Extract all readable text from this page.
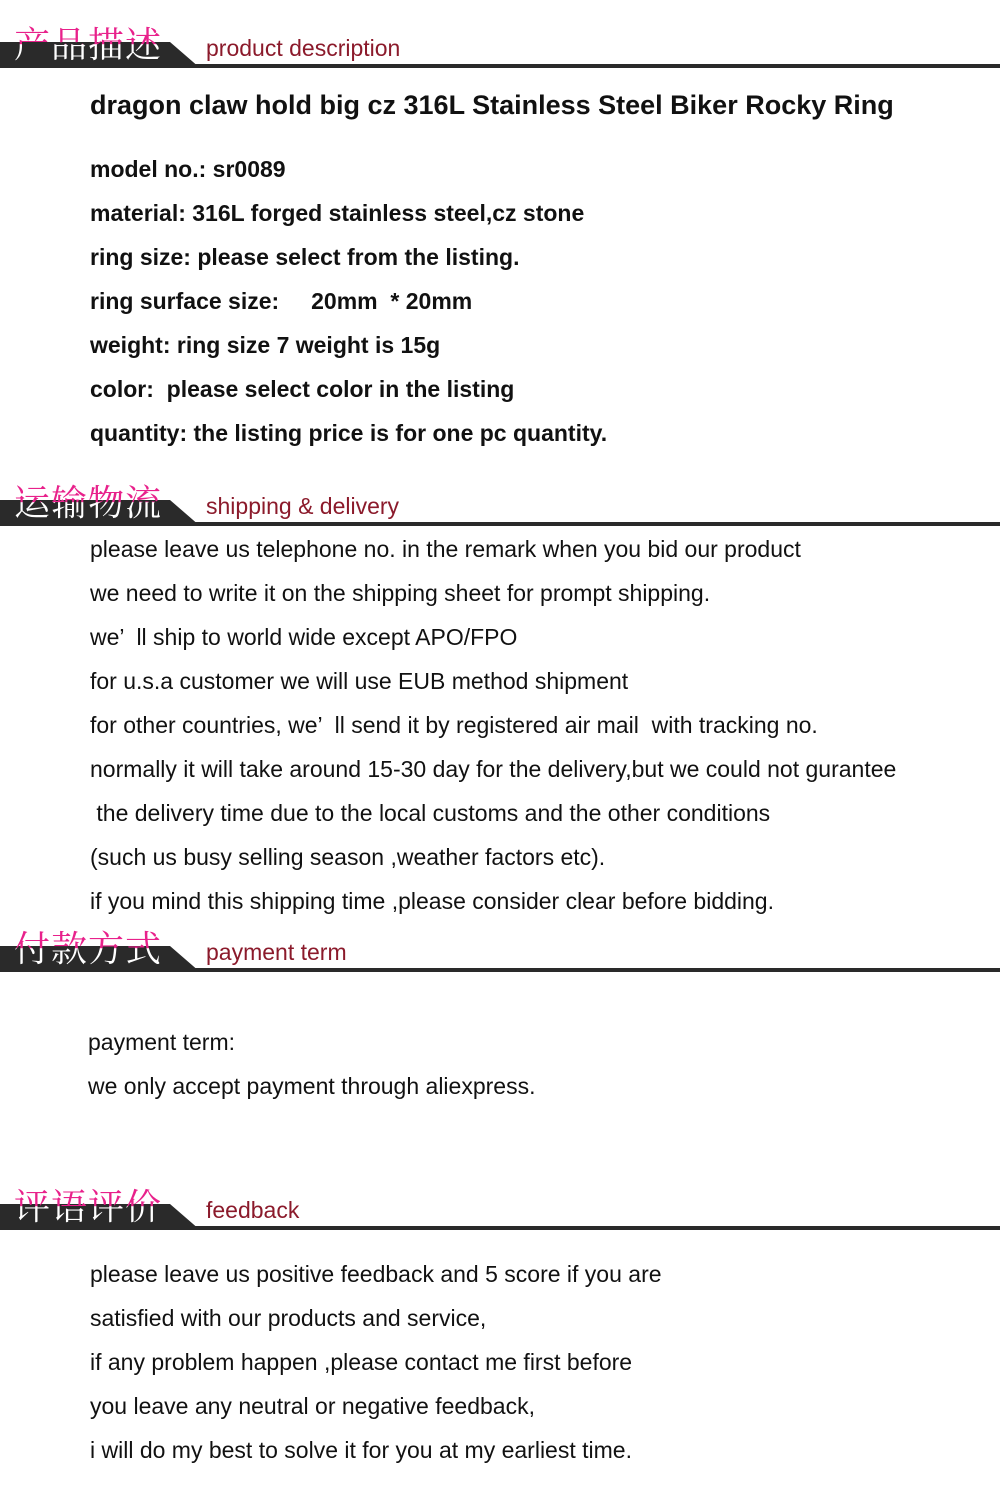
产品描述 product description
dragon claw hold big cz 316L Stainless Steel Biker Rocky Ring
model no.: sr0089
material: 316L forged stainless steel,cz stone
ring size: please select from the listing.
ring surface size:     20mm  * 20mm
weight: ring size 7 weight is 15g
color:  please select color in the listing
quantity: the listing price is for one pc quantity.
运输物流 shipping & delivery
please leave us telephone no. in the remark when you bid our product
we need to write it on the shipping sheet for prompt shipping.
we’  ll ship to world wide except APO/FPO
for u.s.a customer we will use EUB method shipment
for other countries, we’  ll send it by registered air mail  with tracking no.
normally it will take around 15-30 day for the delivery,but we could not gurantee
the delivery time due to the local customs and the other conditions
(such us busy selling season ,weather factors etc).
if you mind this shipping time ,please consider clear before bidding.
付款方式 payment term
payment term:
we only accept payment through aliexpress.
评语评价 feedback
please leave us positive feedback and 5 score if you are
satisfied with our products and service,
if any problem happen ,please contact me first before
you leave any neutral or negative feedback,
i will do my best to solve it for you at my earliest time.
